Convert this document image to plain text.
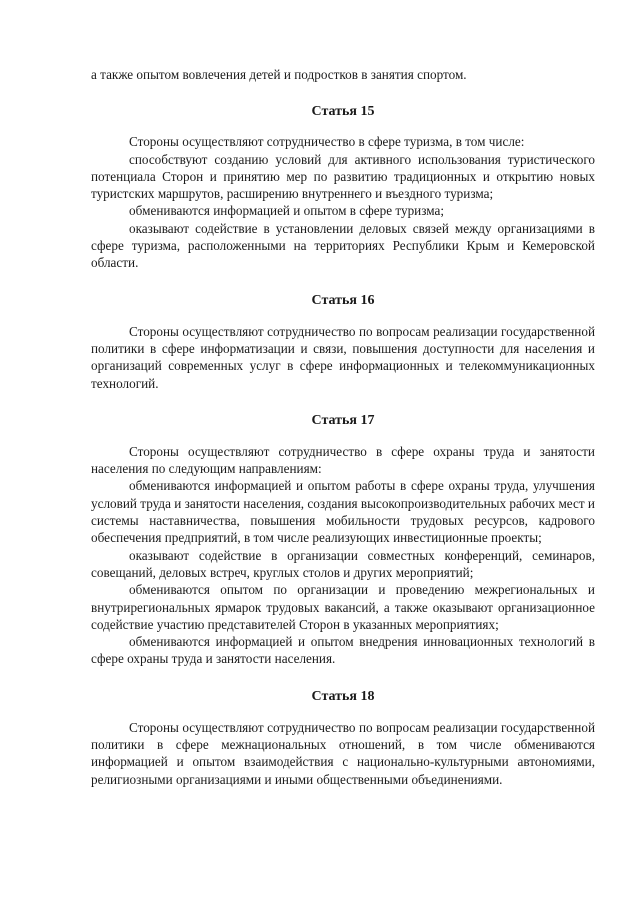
а также опытом вовлечения детей и подростков в занятия спортом.

Статья 15

Стороны осуществляют сотрудничество в сфере туризма, в том числе:

способствуют созданию условий для активного использования туристического потенциала Сторон и принятию мер по развитию традиционных и открытию новых туристских маршрутов, расширению внутреннего и въездного туризма;

обмениваются информацией и опытом в сфере туризма;

оказывают содействие в установлении деловых связей между организациями в сфере туризма, расположенными на территориях Республики Крым и Кемеровской области.

Статья 16

Стороны осуществляют сотрудничество по вопросам реализации государственной политики в сфере информатизации и связи, повышения доступности для населения и организаций современных услуг в сфере информационных и телекоммуникационных технологий.

Статья 17

Стороны осуществляют сотрудничество в сфере охраны труда и занятости населения по следующим направлениям:

обмениваются информацией и опытом работы в сфере охраны труда, улучшения условий труда и занятости населения, создания высокопроизводительных рабочих мест и системы наставничества, повышения мобильности трудовых ресурсов, кадрового обеспечения предприятий, в том числе реализующих инвестиционные проекты;

оказывают содействие в организации совместных конференций, семинаров, совещаний, деловых встреч, круглых столов и других мероприятий;

обмениваются опытом по организации и проведению межрегиональных и внутрирегиональных ярмарок трудовых вакансий, а также оказывают организационное содействие участию представителей Сторон в указанных мероприятиях;

обмениваются информацией и опытом внедрения инновационных технологий в сфере охраны труда и занятости населения.

Статья 18

Стороны осуществляют сотрудничество по вопросам реализации государственной политики в сфере межнациональных отношений, в том числе обмениваются информацией и опытом взаимодействия с национально-культурными автономиями, религиозными организациями и иными общественными объединениями.
